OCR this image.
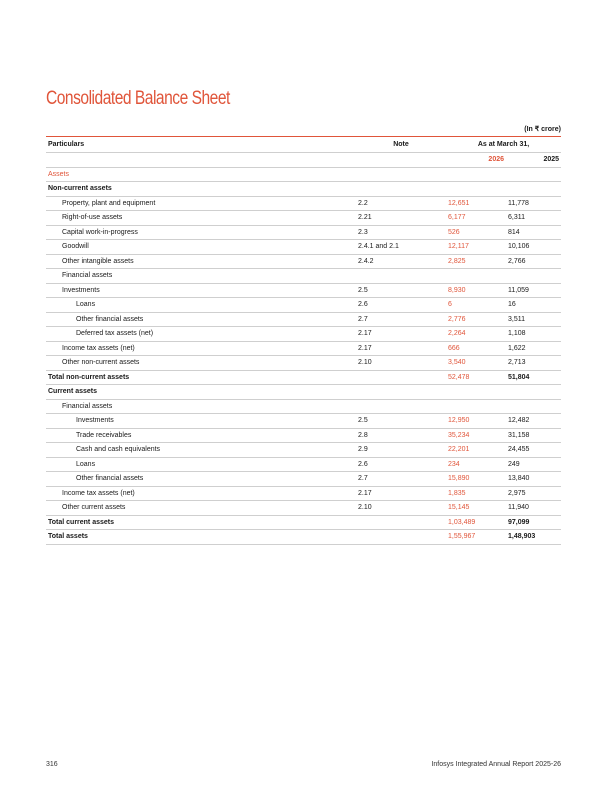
Consolidated Balance Sheet
(In ₹ crore)
Particulars	Note	As at March 31,	
		2026	2025
Assets			
Non-current assets			
Property, plant and equipment	2.2	12,651	11,778
Right-of-use assets	2.21	6,177	6,311
Capital work-in-progress	2.3	526	814
Goodwill	2.4.1 and 2.1	12,117	10,106
Other intangible assets	2.4.2	2,825	2,766
Financial assets			
Investments	2.5	8,930	11,059
Loans	2.6	6	16
Other financial assets	2.7	2,776	3,511
Deferred tax assets (net)	2.17	2,264	1,108
Income tax assets (net)	2.17	666	1,622
Other non-current assets	2.10	3,540	2,713
Total non-current assets		52,478	51,804
Current assets			
Financial assets			
Investments	2.5	12,950	12,482
Trade receivables	2.8	35,234	31,158
Cash and cash equivalents	2.9	22,201	24,455
Loans	2.6	234	249
Other financial assets	2.7	15,890	13,840
Income tax assets (net)	2.17	1,835	2,975
Other current assets	2.10	15,145	11,940
Total current assets		1,03,489	97,099
Total assets		1,55,967	1,48,903
316	Infosys Integrated Annual Report 2025-26
